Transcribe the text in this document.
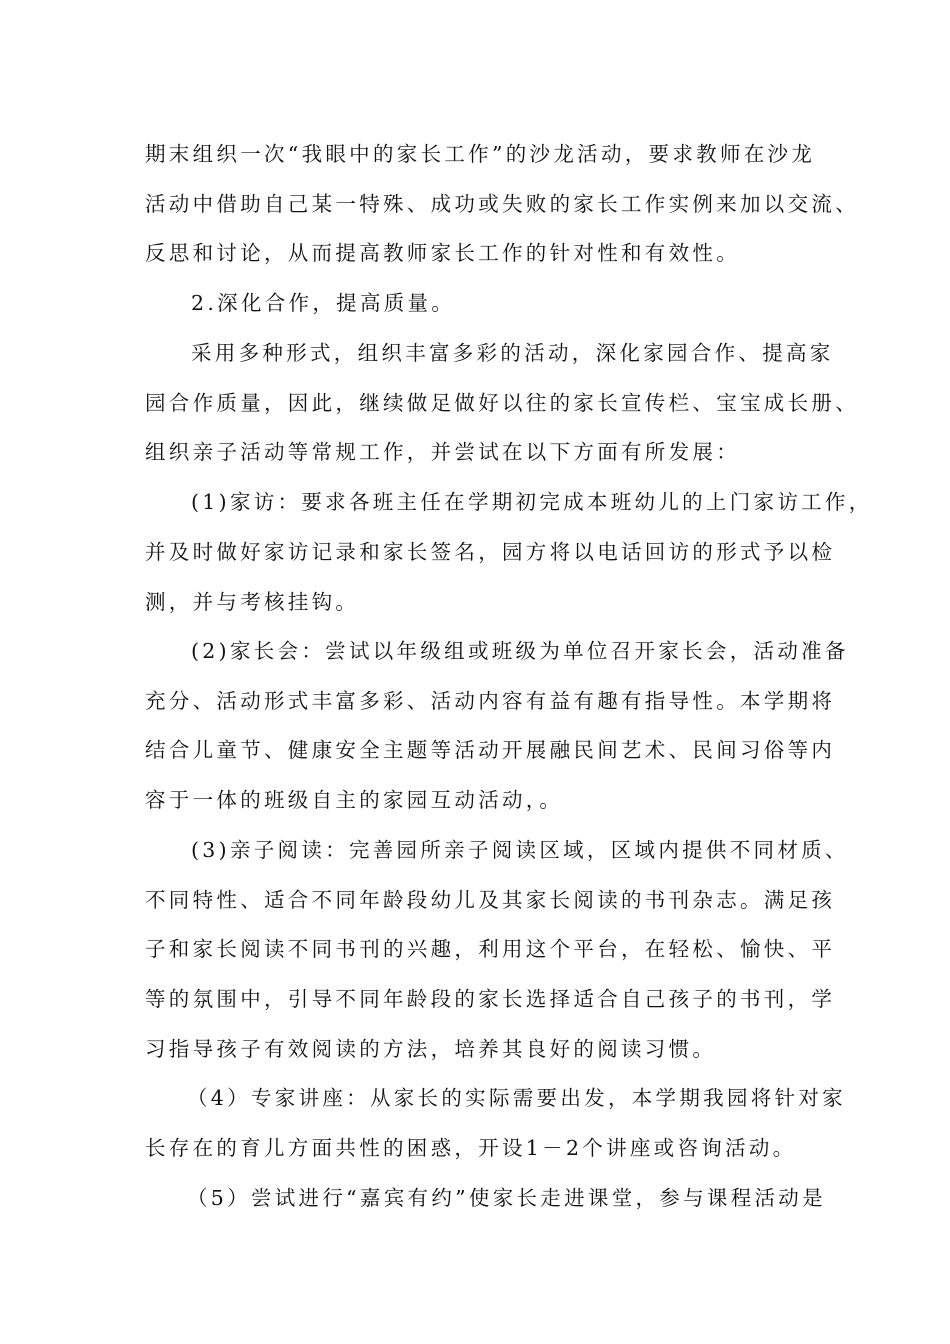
期末组织一次“我眼中的家长工作”的沙龙活动，要求教师在沙龙
活动中借助自己某一特殊、成功或失败的家长工作实例来加以交流、
反思和讨论，从而提高教师家长工作的针对性和有效性。
2.深化合作，提高质量。
采用多种形式，组织丰富多彩的活动，深化家园合作、提高家
园合作质量，因此，继续做足做好以往的家长宣传栏、宝宝成长册、
组织亲子活动等常规工作，并尝试在以下方面有所发展：
(1)家访：要求各班主任在学期初完成本班幼儿的上门家访工作，
并及时做好家访记录和家长签名，园方将以电话回访的形式予以检
测，并与考核挂钩。
(2)家长会：尝试以年级组或班级为单位召开家长会，活动准备
充分、活动形式丰富多彩、活动内容有益有趣有指导性。本学期将
结合儿童节、健康安全主题等活动开展融民间艺术、民间习俗等内
容于一体的班级自主的家园互动活动，。
(3)亲子阅读：完善园所亲子阅读区域，区域内提供不同材质、
不同特性、适合不同年龄段幼儿及其家长阅读的书刊杂志。满足孩
子和家长阅读不同书刊的兴趣，利用这个平台，在轻松、愉快、平
等的氛围中，引导不同年龄段的家长选择适合自己孩子的书刊，学
习指导孩子有效阅读的方法，培养其良好的阅读习惯。
（4）专家讲座：从家长的实际需要出发，本学期我园将针对家
长存在的育儿方面共性的困惑，开设1－2个讲座或咨询活动。
（5）尝试进行“嘉宾有约”使家长走进课堂，参与课程活动是
